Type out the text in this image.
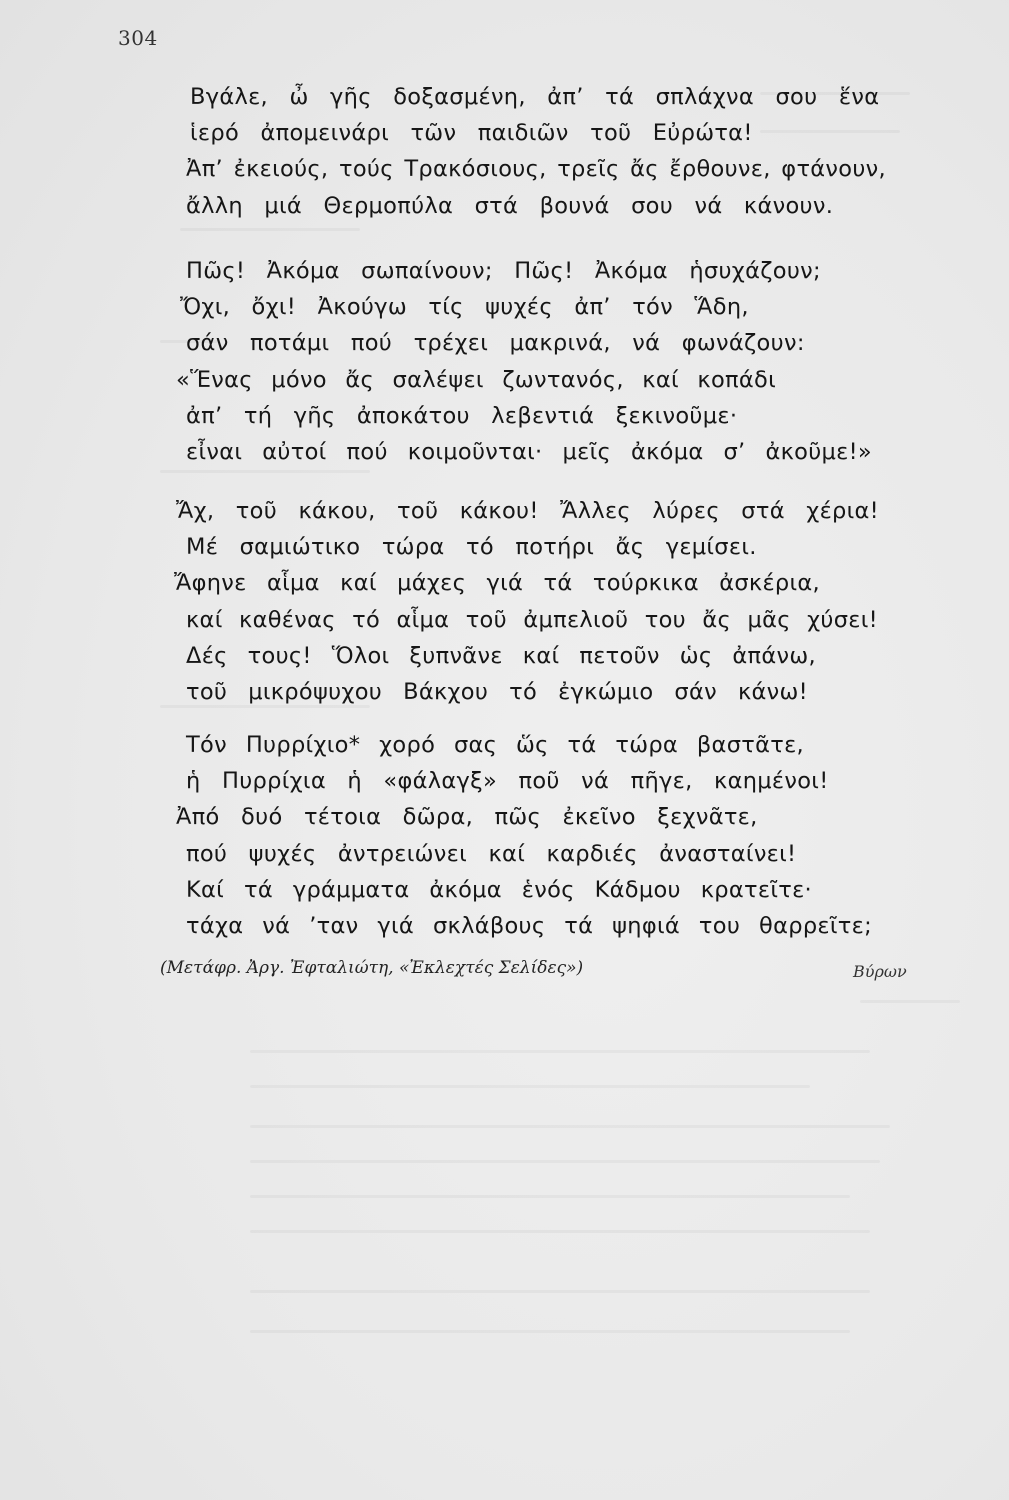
304
Βγάλε, ὦ γῆς δοξασμένη, ἀπ’ τά σπλάχνα σου ἕνα
ἱερό ἀπομεινάρι τῶν παιδιῶν τοῦ Εὐρώτα!
Ἀπ’ ἐκειούς, τούς Τρακόσιους, τρεῖς ἄς ἔρθουνε, φτάνουν,
ἄλλη μιά Θερμοπύλα στά βουνά σου νά κάνουν.
Πῶς! Ἀκόμα σωπαίνουν; Πῶς! Ἀκόμα ἡσυχάζουν;
Ὄχι, ὄχι! Ἀκούγω τίς ψυχές ἀπ’ τόν Ἅδη,
σάν ποτάμι πού τρέχει μακρινά, νά φωνάζουν:
«Ἕνας μόνο ἄς σαλέψει ζωντανός, καί κοπάδι
ἀπ’ τή γῆς ἀποκάτου λεβεντιά ξεκινοῦμε·
εἶναι αὐτοί πού κοιμοῦνται· μεῖς ἀκόμα σ’ ἀκοῦμε!»
Ἄχ, τοῦ κάκου, τοῦ κάκου! Ἄλλες λύρες στά χέρια!
Μέ σαμιώτικο τώρα τό ποτήρι ἄς γεμίσει.
Ἄφηνε αἷμα καί μάχες γιά τά τούρκικα ἀσκέρια,
καί καθένας τό αἷμα τοῦ ἀμπελιοῦ του ἄς μᾶς χύσει!
Δές τους! Ὅλοι ξυπνᾶνε καί πετοῦν ὡς ἀπάνω,
τοῦ μικρόψυχου Βάκχου τό ἐγκώμιο σάν κάνω!
Τόν Πυρρίχιο* χορό σας ὥς τά τώρα βαστᾶτε,
ἡ Πυρρίχια ἡ «φάλαγξ» ποῦ νά πῆγε, καημένοι!
Ἀπό δυό τέτοια δῶρα, πῶς ἐκεῖνο ξεχνᾶτε,
πού ψυχές ἀντρειώνει καί καρδιές ἀνασταίνει!
Καί τά γράμματα ἀκόμα ἑνός Κάδμου κρατεῖτε·
τάχα νά ’ταν γιά σκλάβους τά ψηφιά του θαρρεῖτε;
(Μετάφρ. Ἀργ. Ἐφταλιώτη, «Ἐκλεχτές Σελίδες»)	Βύρων
